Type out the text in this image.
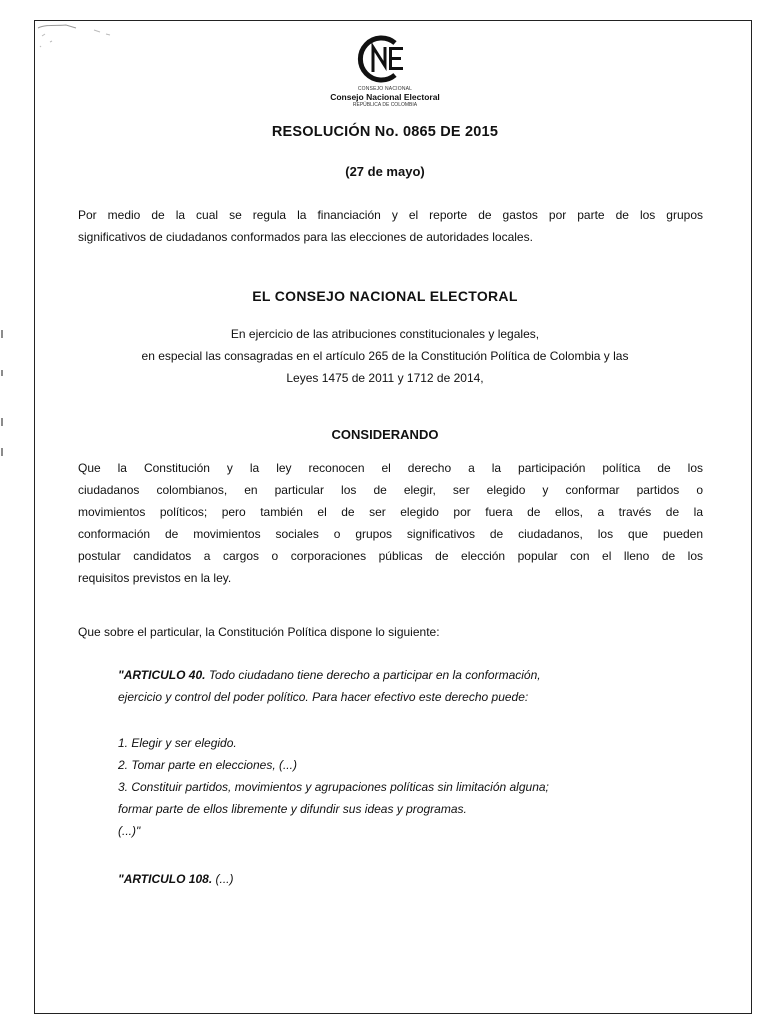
CONSEJO NACIONAL
Consejo Nacional Electoral
REPÚBLICA DE COLOMBIA
RESOLUCIÓN No. 0865 DE 2015
(27 de mayo)
Por medio de la cual se regula la financiación y el reporte de gastos por parte de los grupos
significativos de ciudadanos conformados para las elecciones de autoridades locales.
EL CONSEJO NACIONAL ELECTORAL
En ejercicio de las atribuciones constitucionales y legales,
en especial las consagradas en el artículo 265 de la Constitución Política de Colombia y las
Leyes 1475 de 2011 y 1712 de 2014,
CONSIDERANDO
Que la Constitución y la ley reconocen el derecho a la participación política de los
ciudadanos colombianos, en particular los de elegir, ser elegido y conformar partidos o
movimientos políticos; pero también el de ser elegido por fuera de ellos, a través de la
conformación de movimientos sociales o grupos significativos de ciudadanos, los que pueden
postular candidatos a cargos o corporaciones públicas de elección popular con el lleno de los
requisitos previstos en la ley.
Que sobre el particular, la Constitución Política dispone lo siguiente:
"ARTICULO 40. Todo ciudadano tiene derecho a participar en la conformación,
ejercicio y control del poder político. Para hacer efectivo este derecho puede:
1. Elegir y ser elegido.
2. Tomar parte en elecciones, (...)
3. Constituir partidos, movimientos y agrupaciones políticas sin limitación alguna;
formar parte de ellos libremente y difundir sus ideas y programas.
(...)"
"ARTICULO 108. (...)
